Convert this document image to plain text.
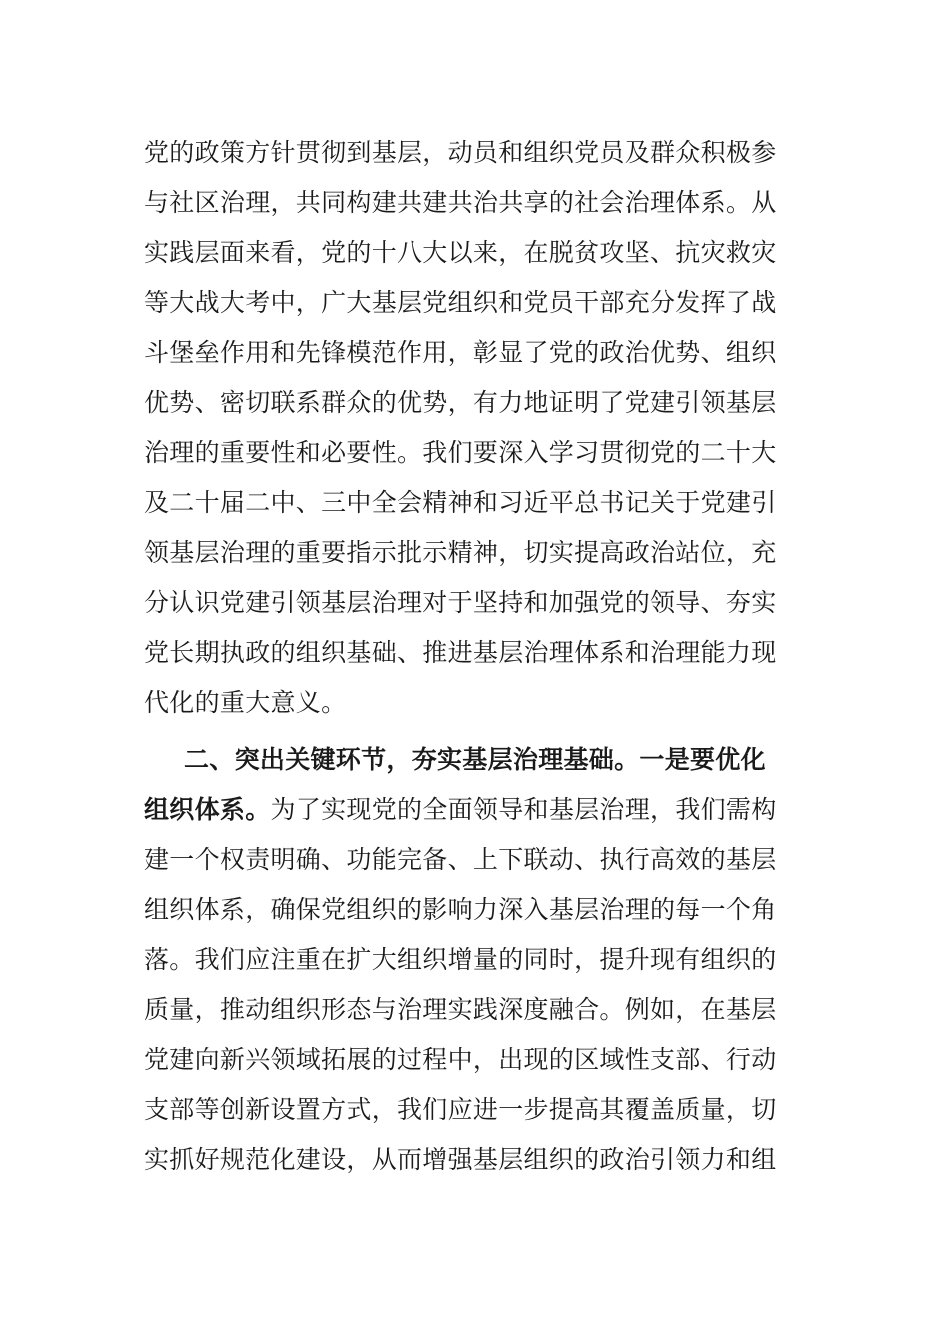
党的政策方针贯彻到基层，动员和组织党员及群众积极参
与社区治理，共同构建共建共治共享的社会治理体系。从
实践层面来看，党的十八大以来，在脱贫攻坚、抗灾救灾
等大战大考中，广大基层党组织和党员干部充分发挥了战
斗堡垒作用和先锋模范作用，彰显了党的政治优势、组织
优势、密切联系群众的优势，有力地证明了党建引领基层
治理的重要性和必要性。我们要深入学习贯彻党的二十大
及二十届二中、三中全会精神和习近平总书记关于党建引
领基层治理的重要指示批示精神，切实提高政治站位，充
分认识党建引领基层治理对于坚持和加强党的领导、夯实
党长期执政的组织基础、推进基层治理体系和治理能力现
代化的重大意义。
二、突出关键环节，夯实基层治理基础。一是要优化
组织体系。为了实现党的全面领导和基层治理，我们需构
建一个权责明确、功能完备、上下联动、执行高效的基层
组织体系，确保党组织的影响力深入基层治理的每一个角
落。我们应注重在扩大组织增量的同时，提升现有组织的
质量，推动组织形态与治理实践深度融合。例如，在基层
党建向新兴领域拓展的过程中，出现的区域性支部、行动
支部等创新设置方式，我们应进一步提高其覆盖质量，切
实抓好规范化建设，从而增强基层组织的政治引领力和组
